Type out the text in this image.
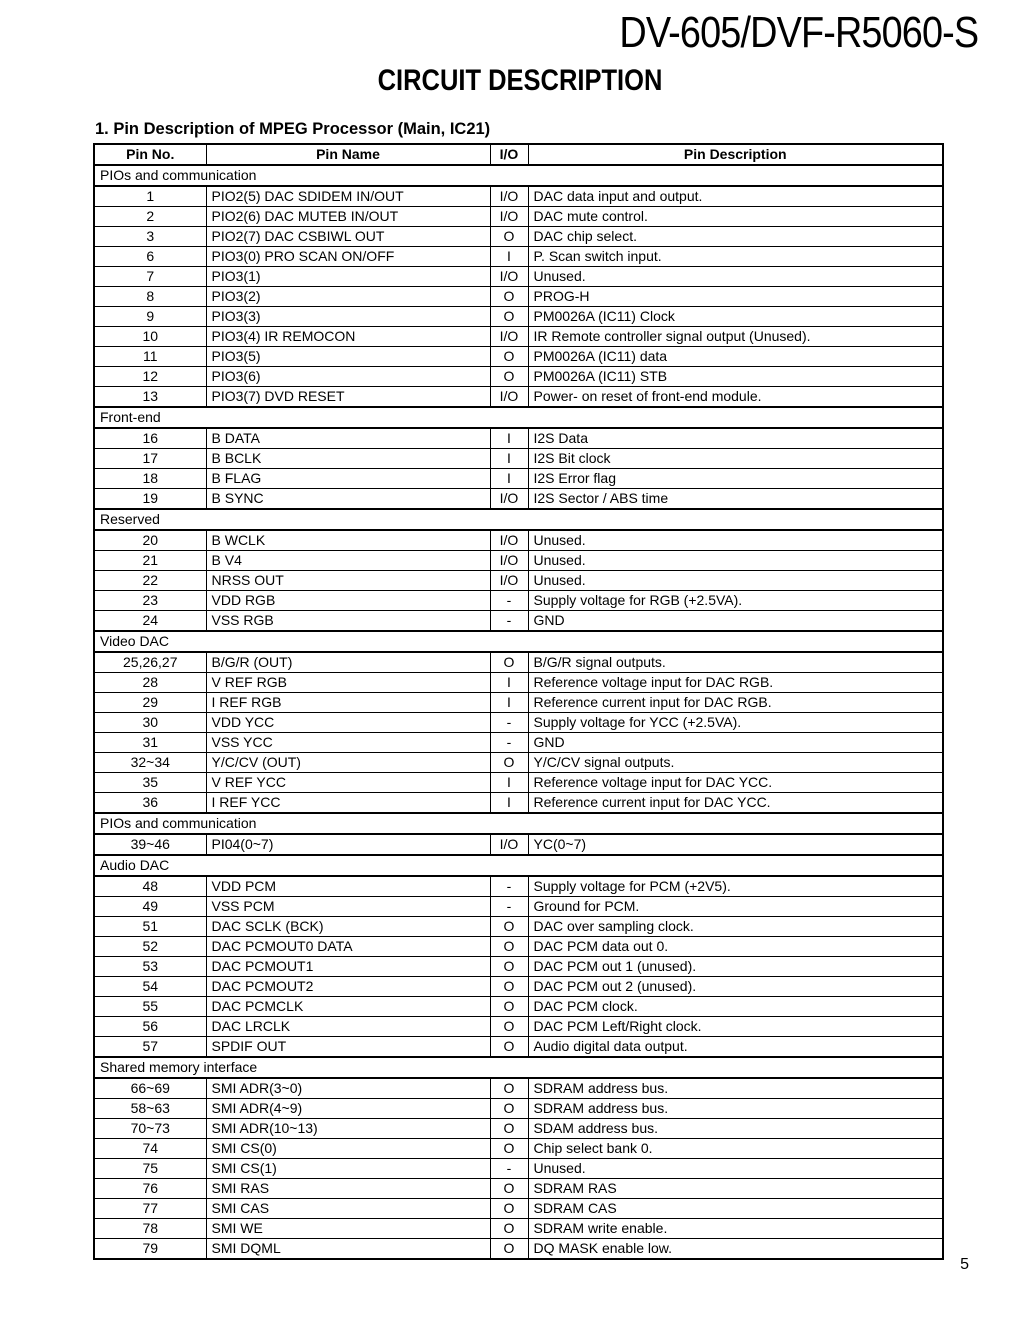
DV-605/DVF-R5060-S
CIRCUIT DESCRIPTION
1. Pin Description of MPEG Processor (Main, IC21)
Pin No.	Pin Name	I/O	Pin Description
PIOs and communication			
1	PIO2(5) DAC SDIDEM IN/OUT	I/O	DAC data input and output.
2	PIO2(6) DAC MUTEB IN/OUT	I/O	DAC mute control.
3	PIO2(7) DAC CSBIWL OUT	O	DAC chip select.
6	PIO3(0) PRO SCAN ON/OFF	I	P. Scan switch input.
7	PIO3(1)	I/O	Unused.
8	PIO3(2)	O	PROG-H
9	PIO3(3)	O	PM0026A (IC11) Clock
10	PIO3(4) IR REMOCON	I/O	IR Remote controller signal output (Unused).
11	PIO3(5)	O	PM0026A (IC11) data
12	PIO3(6)	O	PM0026A (IC11) STB
13	PIO3(7) DVD RESET	I/O	Power- on reset of front-end module.
Front-end			
16	B DATA	I	I2S Data
17	B BCLK	I	I2S Bit clock
18	B FLAG	I	I2S Error flag
19	B SYNC	I/O	I2S Sector / ABS time
Reserved			
20	B WCLK	I/O	Unused.
21	B V4	I/O	Unused.
22	NRSS OUT	I/O	Unused.
23	VDD RGB	-	Supply voltage for RGB (+2.5VA).
24	VSS RGB	-	GND
Video DAC			
25,26,27	B/G/R (OUT)	O	B/G/R signal outputs.
28	V REF RGB	I	Reference voltage input for DAC RGB.
29	I REF RGB	I	Reference current input for DAC RGB.
30	VDD YCC	-	Supply voltage for YCC (+2.5VA).
31	VSS YCC	-	GND
32~34	Y/C/CV (OUT)	O	Y/C/CV signal outputs.
35	V REF YCC	I	Reference voltage input for DAC YCC.
36	I REF YCC	I	Reference current input for DAC YCC.
PIOs and communication			
39~46	PI04(0~7)	I/O	YC(0~7)
Audio DAC			
48	VDD PCM	-	Supply voltage for PCM (+2V5).
49	VSS PCM	-	Ground for PCM.
51	DAC SCLK (BCK)	O	DAC over sampling clock.
52	DAC PCMOUT0 DATA	O	DAC PCM data out 0.
53	DAC PCMOUT1	O	DAC PCM out 1 (unused).
54	DAC PCMOUT2	O	DAC PCM out 2 (unused).
55	DAC PCMCLK	O	DAC PCM clock.
56	DAC LRCLK	O	DAC PCM Left/Right clock.
57	SPDIF OUT	O	Audio digital data output.
Shared memory interface			
66~69	SMI ADR(3~0)	O	SDRAM address bus.
58~63	SMI ADR(4~9)	O	SDRAM address bus.
70~73	SMI ADR(10~13)	O	SDAM address bus.
74	SMI CS(0)	O	Chip select bank 0.
75	SMI CS(1)	-	Unused.
76	SMI RAS	O	SDRAM RAS
77	SMI CAS	O	SDRAM CAS
78	SMI WE	O	SDRAM write enable.
79	SMI DQML	O	DQ MASK enable low.
5
